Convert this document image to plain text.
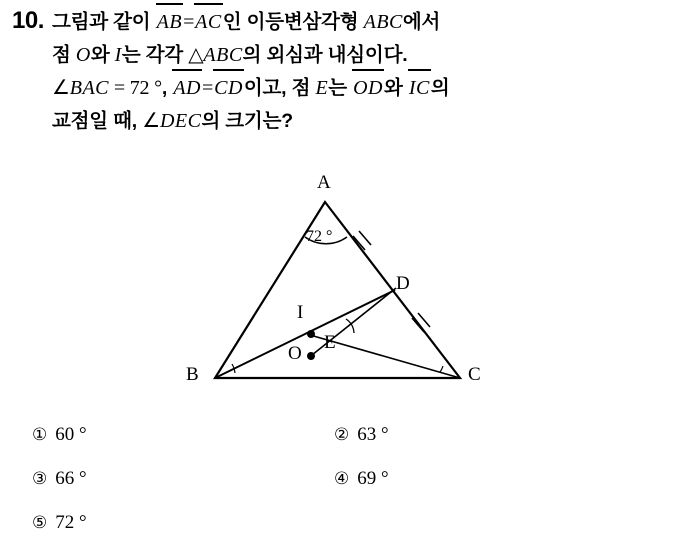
10. 그림과 같이 AB=AC인 이등변삼각형 ABC에서
점 O와 I는 각각 △ABC의 외심과 내심이다.
∠BAC = 72 °, AD=CD이고, 점 E는 OD와 IC의
교점일 때, ∠DEC의 크기는?
A
B	C
D
E
I
O
72 °
① 60 °	② 63 °
③ 66 °	④ 69 °
⑤ 72 °
